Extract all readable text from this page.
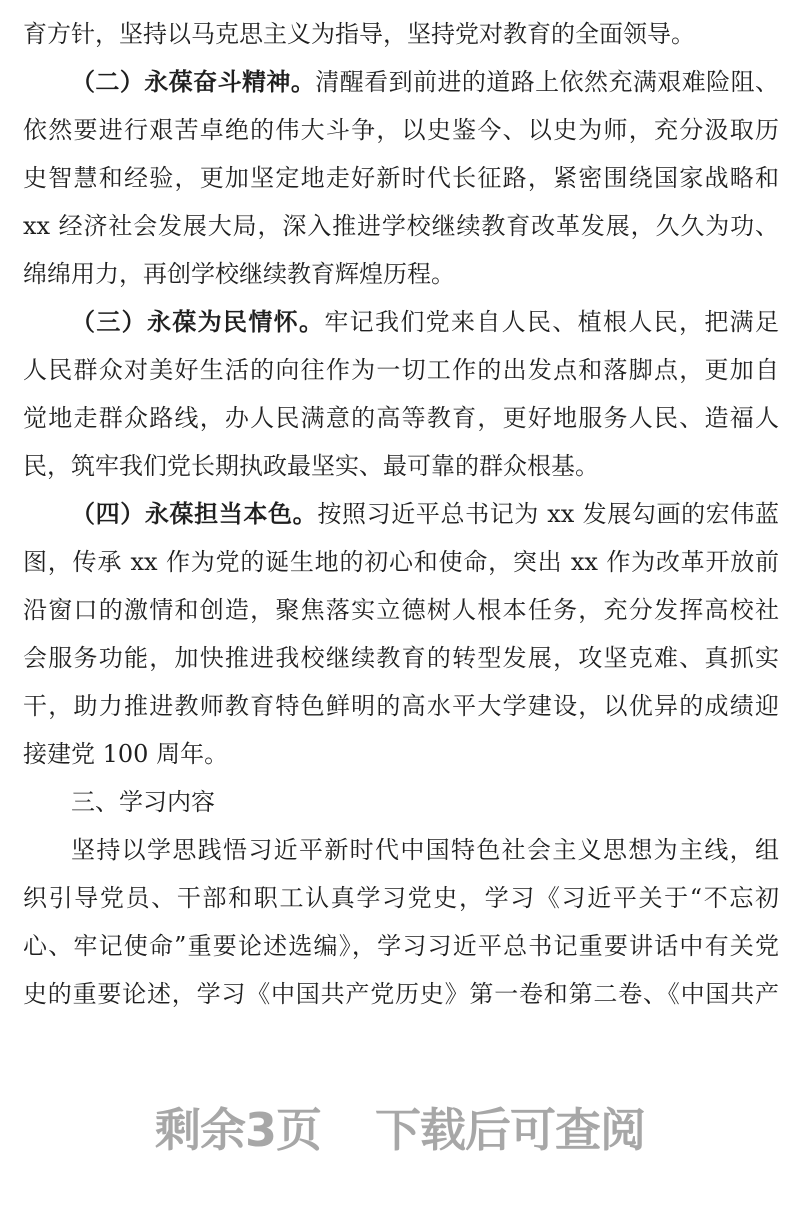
育方针，坚持以马克思主义为指导，坚持党对教育的全面领导。
（二）永葆奋斗精神。清醒看到前进的道路上依然充满艰难险阻、
依然要进行艰苦卓绝的伟大斗争，以史鉴今、以史为师，充分汲取历
史智慧和经验，更加坚定地走好新时代长征路，紧密围绕国家战略和
xx 经济社会发展大局，深入推进学校继续教育改革发展，久久为功、
绵绵用力，再创学校继续教育辉煌历程。
（三）永葆为民情怀。牢记我们党来自人民、植根人民，把满足
人民群众对美好生活的向往作为一切工作的出发点和落脚点，更加自
觉地走群众路线，办人民满意的高等教育，更好地服务人民、造福人
民，筑牢我们党长期执政最坚实、最可靠的群众根基。
（四）永葆担当本色。按照习近平总书记为 xx 发展勾画的宏伟蓝
图，传承 xx 作为党的诞生地的初心和使命，突出 xx 作为改革开放前
沿窗口的激情和创造，聚焦落实立德树人根本任务，充分发挥高校社
会服务功能，加快推进我校继续教育的转型发展，攻坚克难、真抓实
干，助力推进教师教育特色鲜明的高水平大学建设，以优异的成绩迎
接建党 100 周年。
三、学习内容
坚持以学思践悟习近平新时代中国特色社会主义思想为主线，组
织引导党员、干部和职工认真学习党史，学习《习近平关于“不忘初
心、牢记使命”重要论述选编》，学习习近平总书记重要讲话中有关党
史的重要论述，学习《中国共产党历史》第一卷和第二卷、《中国共产
剩余3页 下载后可查阅
